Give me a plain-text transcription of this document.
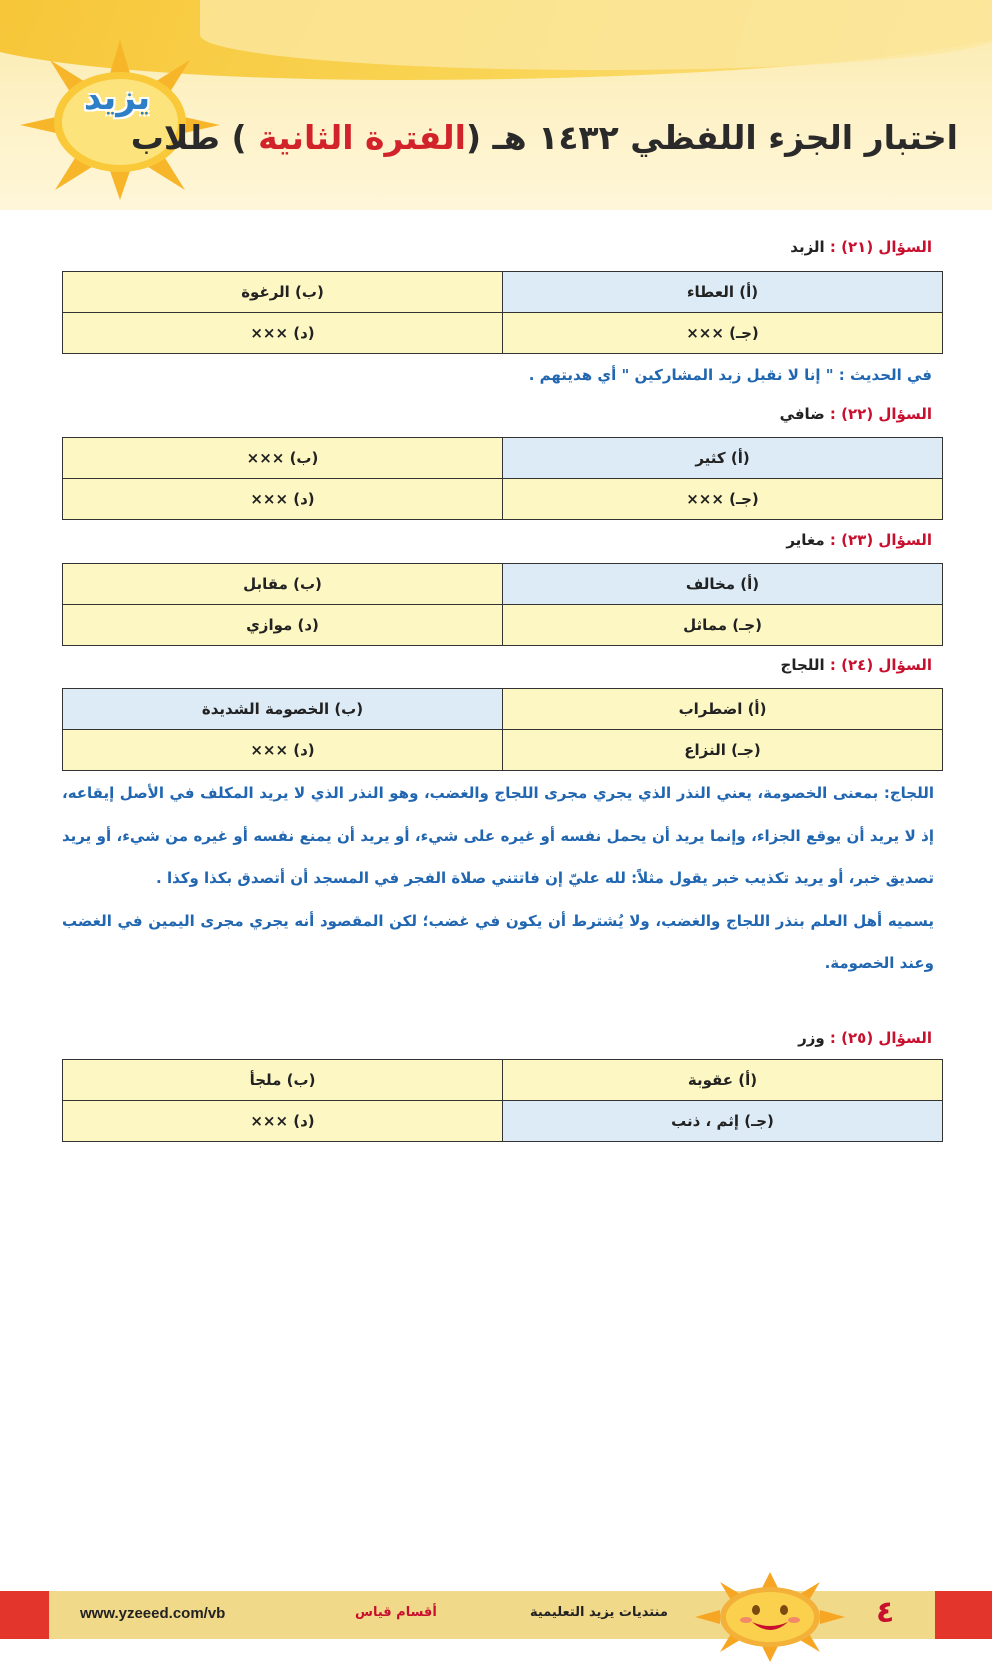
يزيد
اختبار الجزء اللفظي ١٤٣٢ هـ (الفترة الثانية ) طلاب
السؤال (٢١) : الزبد
(أ) العطاء	(ب) الرغوة
(جـ) ×××	(د) ×××
في الحديث : " إنا لا نقبل زبد المشاركين " أي هديتهم .
السؤال (٢٢) : ضافي
(أ) كثير	(ب) ×××
(جـ) ×××	(د) ×××
السؤال (٢٣) : مغاير
(أ) مخالف	(ب) مقابل
(جـ) مماثل	(د) موازي
السؤال (٢٤) : اللجاج
(أ) اضطراب	(ب) الخصومة الشديدة
(جـ) النزاع	(د) ×××

اللجاج: بمعنى الخصومة، يعني النذر الذي يجري مجرى اللجاج والغضب، وهو النذر الذي لا يريد المكلف في الأصل إيقاعه، إذ لا يريد أن يوقع الجزاء، وإنما يريد أن يحمل نفسه أو غيره على شيء، أو يريد أن يمنع نفسه أو غيره من شيء، أو يريد تصديق خبر، أو يريد تكذيب خبر يقول مثلاً: لله عليّ إن فاتتني صلاة الفجر في المسجد أن أتصدق بكذا وكذا .

يسميه أهل العلم بنذر اللجاج والغضب، ولا يُشترط أن يكون في غضب؛ لكن المقصود أنه يجري مجرى اليمين في الغضب وعند الخصومة.

السؤال (٢٥) : وزر
(أ) عقوبة	(ب) ملجأ
(جـ) إثم ، ذنب	(د) ×××
www.yzeeed.com/vb	أقسام قياس	منتديات يزيد التعليمية	٤
